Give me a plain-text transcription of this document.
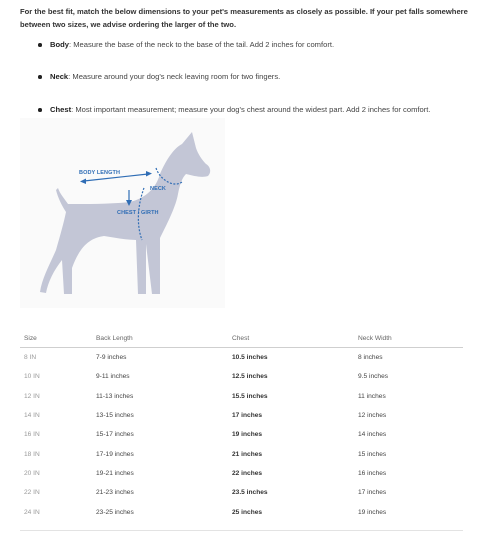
For the best fit, match the below dimensions to your pet's measurements as closely as possible. If your pet falls somewhere between two sizes, we advise ordering the larger of the two.
Body: Measure the base of the neck to the base of the tail. Add 2 inches for comfort.
Neck: Measure around your dog's neck leaving room for two fingers.
Chest: Most important measurement; measure your dog's chest around the widest part. Add 2 inches for comfort.
BODY LENGTH
NECK
CHEST / GIRTH
Size	Back Length	Chest	Neck Width
8 IN	7-9 inches	10.5 inches	8 inches
10 IN	9-11 inches	12.5 inches	9.5 inches
12 IN	11-13 inches	15.5 inches	11 inches
14 IN	13-15 inches	17 inches	12 inches
16 IN	15-17 inches	19 inches	14 inches
18 IN	17-19 inches	21 inches	15 inches
20 IN	19-21 inches	22 inches	16 inches
22 IN	21-23 inches	23.5 inches	17 inches
24 IN	23-25 inches	25 inches	19 inches
